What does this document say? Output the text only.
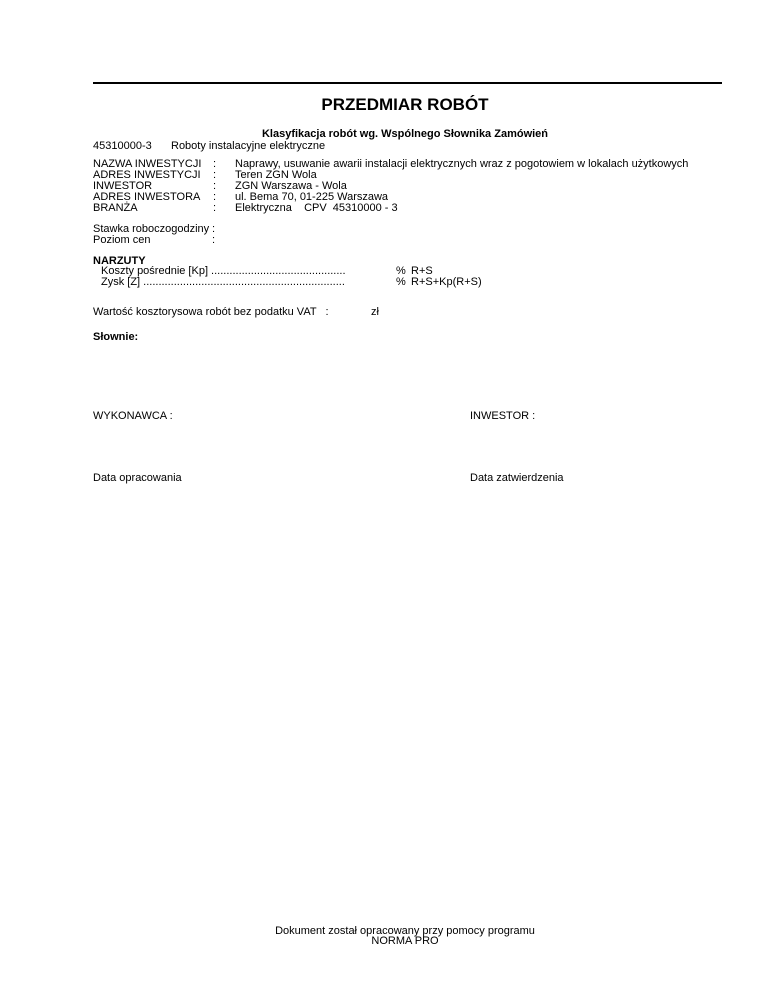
PRZEDMIAR ROBÓT
Klasyfikacja robót wg. Wspólnego Słownika Zamówień
45310000-3 Roboty instalacyjne elektryczne
NAZWA INWESTYCJI : Naprawy, usuwanie awarii instalacji elektrycznych wraz z pogotowiem w lokalach użytkowych
ADRES INWESTYCJI : Teren ZGN Wola
INWESTOR	: ZGN Warszawa - Wola
ADRES INWESTORA : ul. Bema 70, 01-225 Warszawa
BRANŻA	: Elektryczna    CPV  45310000 - 3
Stawka roboczogodziny :
Poziom cen	:
NARZUTY
Koszty pośrednie [Kp] ............................................	% R+S
Zysk [Z] ..................................................................	% R+S+Kp(R+S)
Wartość kosztorysowa robót bez podatku VAT   :	zł
Słownie:
WYKONAWCA :	INWESTOR :
Data opracowania	Data zatwierdzenia
Dokument został opracowany przy pomocy programu
NORMA PRO
